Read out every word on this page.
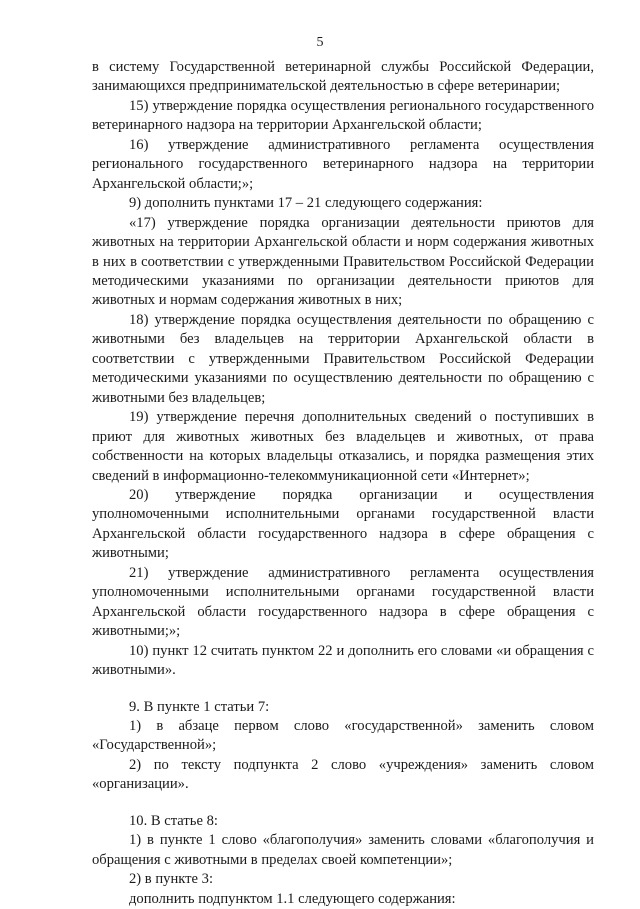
5

в систему Государственной ветеринарной службы Российской Федерации, занимающихся предпринимательской деятельностью в сфере ветеринарии;

15) утверждение порядка осуществления регионального государственного ветеринарного надзора на территории Архангельской области;

16) утверждение административного регламента осуществления регионального государственного ветеринарного надзора на территории Архангельской области;»;

9) дополнить пунктами 17 – 21 следующего содержания:

«17) утверждение порядка организации деятельности приютов для животных на территории Архангельской области и норм содержания животных в них в соответствии с утвержденными Правительством Российской Федерации методическими указаниями по организации деятельности приютов для животных и нормам содержания животных в них;

18) утверждение порядка осуществления деятельности по обращению с животными без владельцев на территории Архангельской области в соответствии с утвержденными Правительством Российской Федерации методическими указаниями по осуществлению деятельности по обращению с животными без владельцев;

19) утверждение перечня дополнительных сведений о поступивших в приют для животных животных без владельцев и животных, от права собственности на которых владельцы отказались, и порядка размещения этих сведений в информационно-телекоммуникационной сети «Интернет»;

20) утверждение порядка организации и осуществления уполномоченными исполнительными органами государственной власти Архангельской области государственного надзора в сфере обращения с животными;

21) утверждение административного регламента осуществления уполномоченными исполнительными органами государственной власти Архангельской области государственного надзора в сфере обращения с животными;»;

10) пункт 12 считать пунктом 22 и дополнить его словами «и обращения с животными».

9. В пункте 1 статьи 7:

1) в абзаце первом слово «государственной» заменить словом «Государственной»;

2) по тексту подпункта 2 слово «учреждения» заменить словом «организации».

10. В статье 8:

1) в пункте 1 слово «благополучия» заменить словами «благополучия и обращения с животными в пределах своей компетенции»;

2) в пункте 3:

дополнить подпунктом 1.1 следующего содержания:
